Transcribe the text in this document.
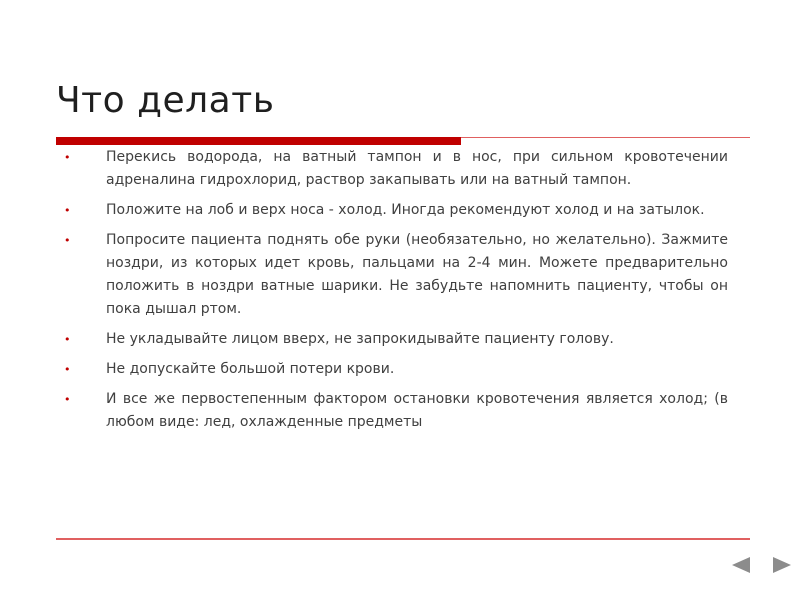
Что делать
•	Перекись водорода, на ватный тампон и в нос, при сильном кровотечении адреналина гидрохлорид, раствор закапывать или на ватный тампон.
•	Положите на лоб и верх носа - холод. Иногда рекомендуют холод и на затылок.
•	Попросите пациента поднять обе руки (необязательно, но желательно). Зажмите ноздри, из которых идет кровь, пальцами на 2-4 мин. Можете предварительно положить в ноздри ватные шарики. Не забудьте напомнить пациенту, чтобы он пока дышал ртом.
•	Не укладывайте лицом вверх, не запрокидывайте пациенту голову.
•	Не допускайте большой потери крови.
•	И все же первостепенным фактором остановки кровотечения является холод; (в любом виде: лед, охлажденные предметы
